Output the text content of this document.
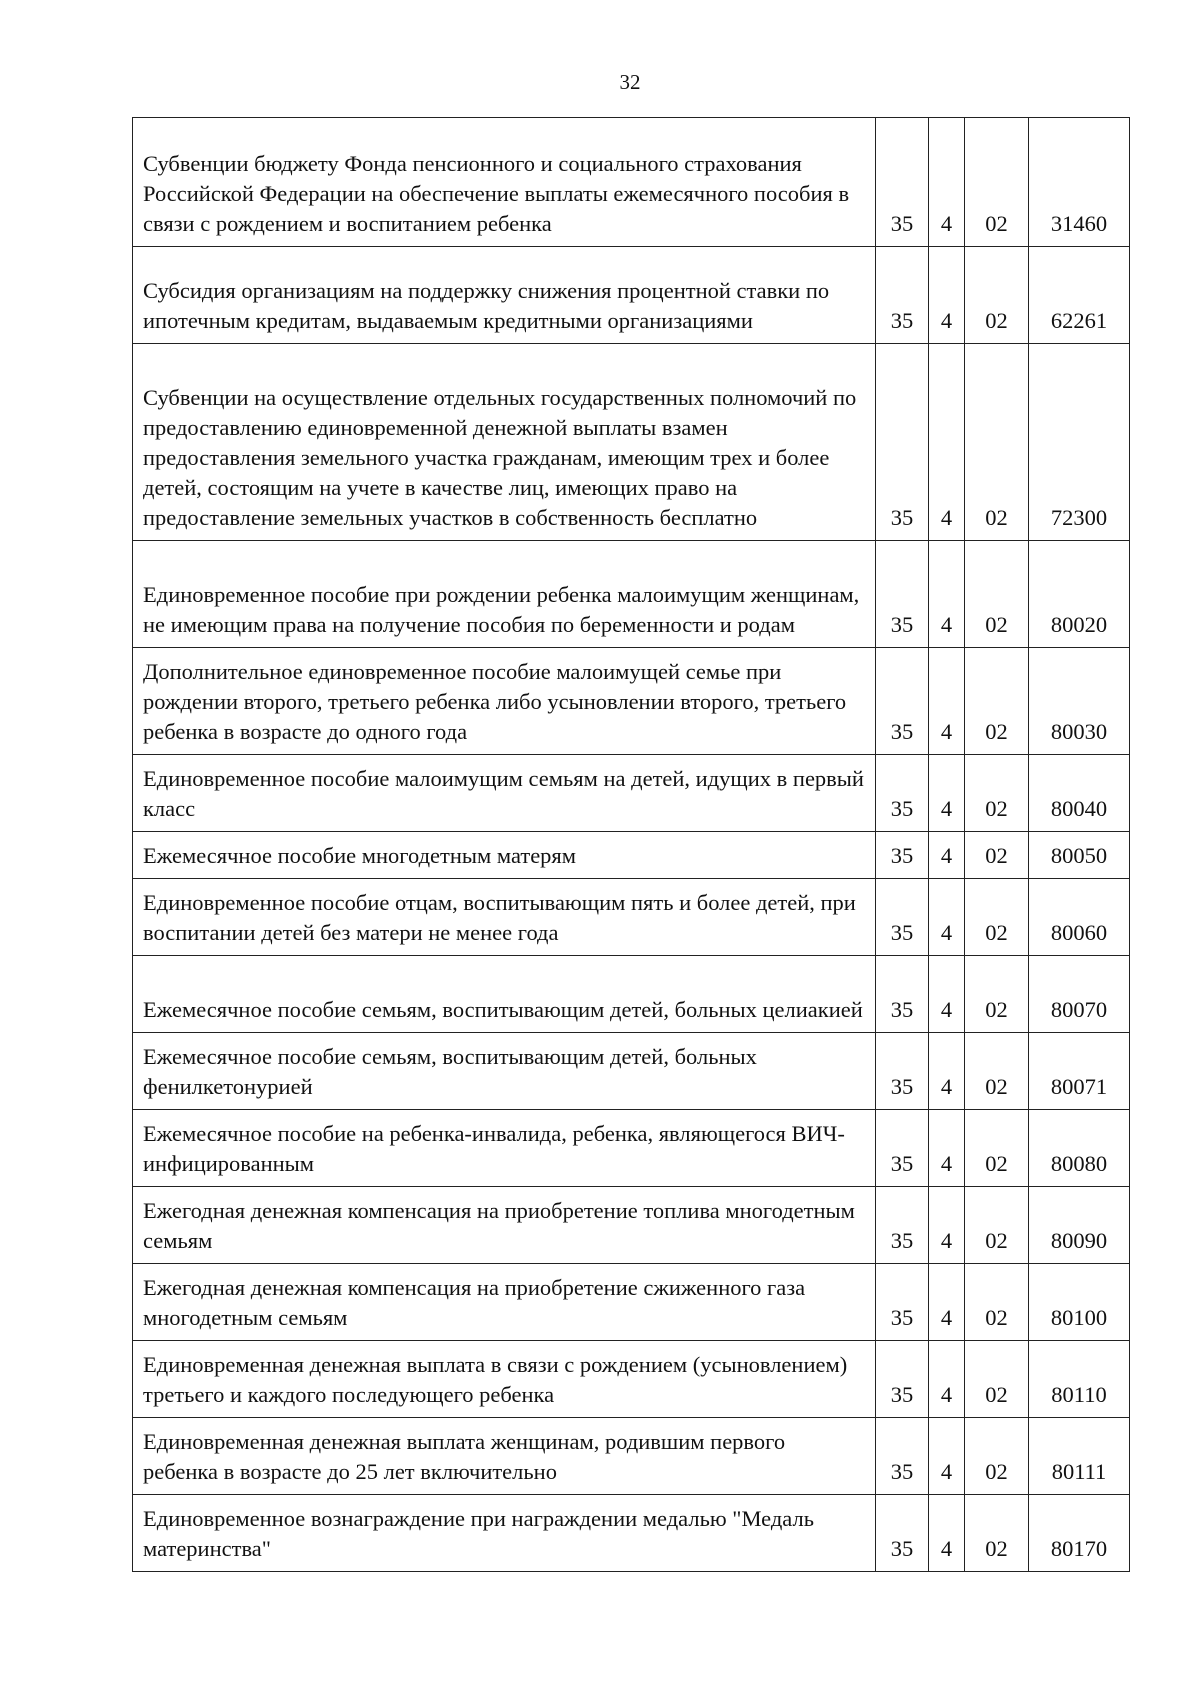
32
Субвенции бюджету Фонда пенсионного и социального страхования Российской Федерации на обеспечение выплаты ежемесячного пособия в связи с рождением и воспитанием ребенка	35	4	02	31460
Субсидия организациям на поддержку снижения процентной ставки по ипотечным кредитам, выдаваемым кредитными организациями	35	4	02	62261
Субвенции на осуществление отдельных государственных полномочий по предоставлению единовременной денежной выплаты взамен предоставления земельного участка гражданам, имеющим трех и более детей, состоящим на учете в качестве лиц, имеющих право на предоставление земельных участков в собственность бесплатно	35	4	02	72300
Единовременное пособие при рождении ребенка малоимущим женщинам, не имеющим права на получение пособия по беременности и родам	35	4	02	80020
Дополнительное единовременное пособие малоимущей семье при рождении второго, третьего ребенка либо усыновлении второго, третьего ребенка в возрасте до одного года	35	4	02	80030
Единовременное пособие малоимущим семьям на детей, идущих в первый класс	35	4	02	80040
Ежемесячное пособие многодетным матерям	35	4	02	80050
Единовременное пособие отцам, воспитывающим пять и более детей, при воспитании детей без матери не менее года	35	4	02	80060
Ежемесячное пособие семьям, воспитывающим детей, больных целиакией	35	4	02	80070
Ежемесячное пособие семьям, воспитывающим детей, больных фенилкетонурией	35	4	02	80071
Ежемесячное пособие на ребенка-инвалида, ребенка, являющегося ВИЧ-инфицированным	35	4	02	80080
Ежегодная денежная компенсация на приобретение топлива многодетным семьям	35	4	02	80090
Ежегодная денежная компенсация на приобретение сжиженного газа многодетным семьям	35	4	02	80100
Единовременная денежная выплата в связи с рождением (усыновлением) третьего и каждого последующего ребенка	35	4	02	80110
Единовременная денежная выплата женщинам, родившим первого ребенка в возрасте до 25 лет включительно	35	4	02	80111
Единовременное вознаграждение при награждении медалью "Медаль материнства"	35	4	02	80170
